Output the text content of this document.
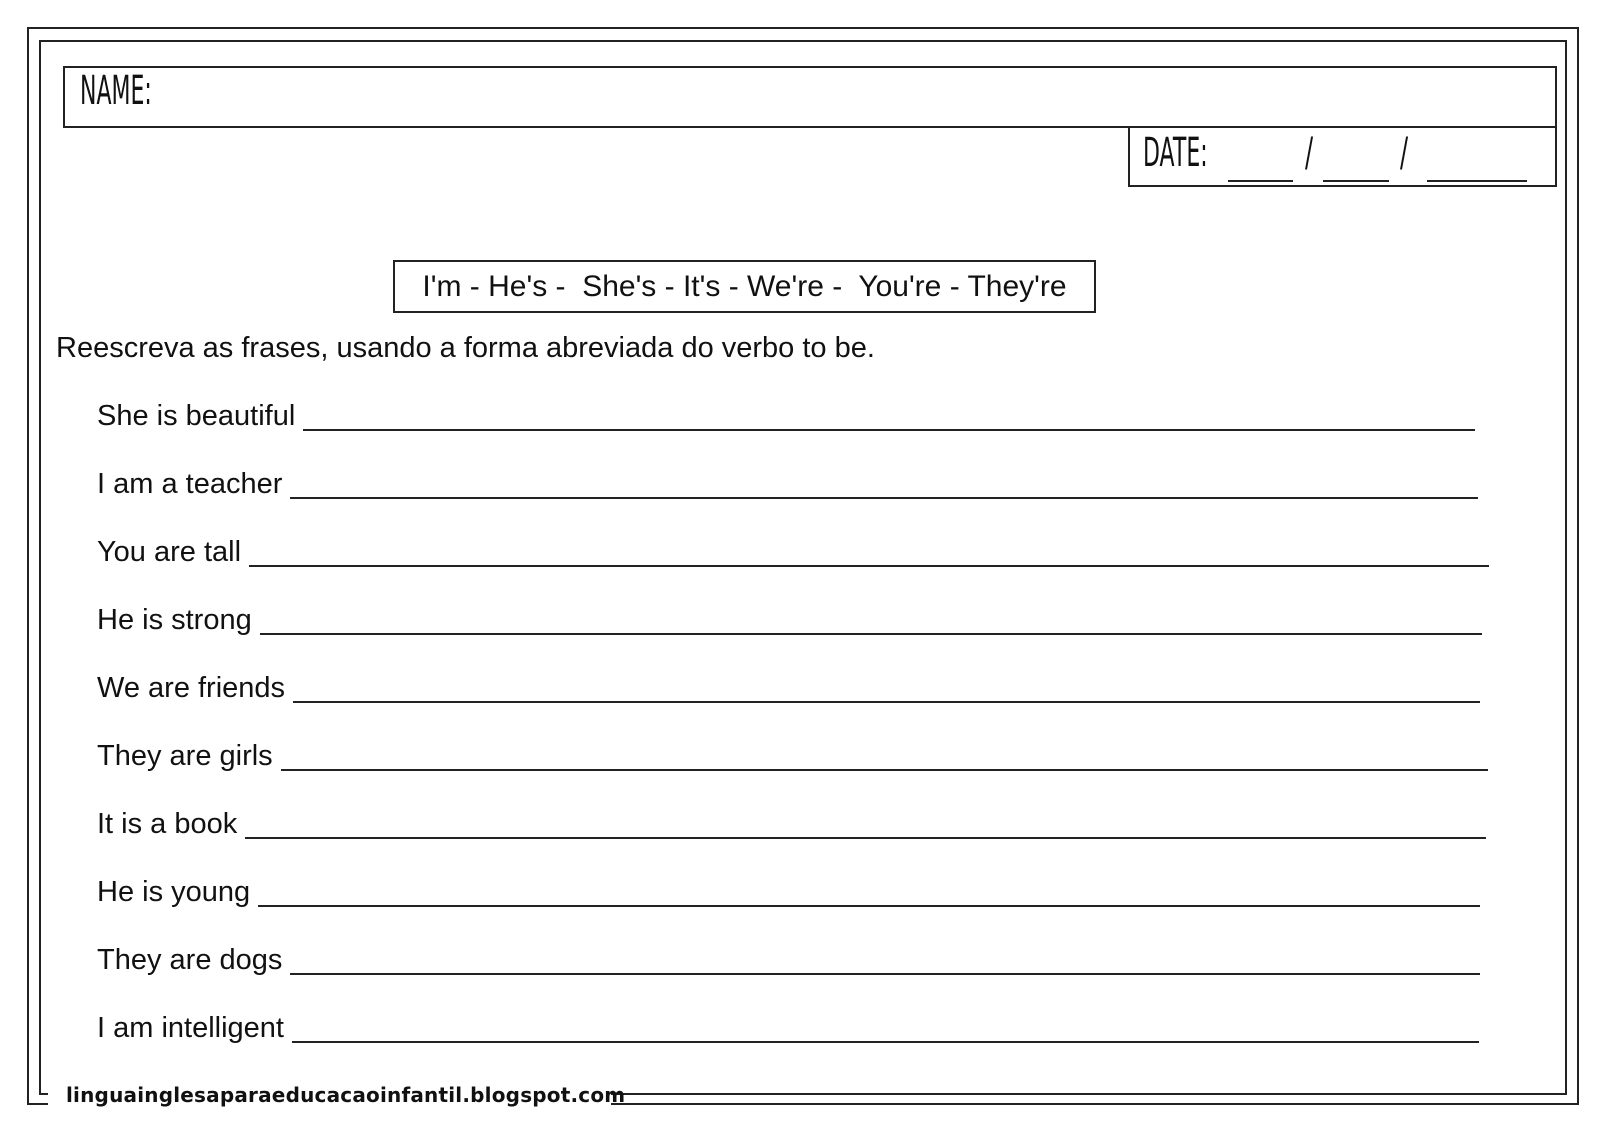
linguainglesaparaeducacaoinfantil.blogspot.com
NAME:
DATE: / /
I'm - He's -  She's - It's - We're -  You're - They're
Reescreva as frases, usando a forma abreviada do verbo to be.
She is beautiful
I am a teacher
You are tall
He is strong
We are friends
They are girls
It is a book
He is young
They are dogs
I am intelligent
